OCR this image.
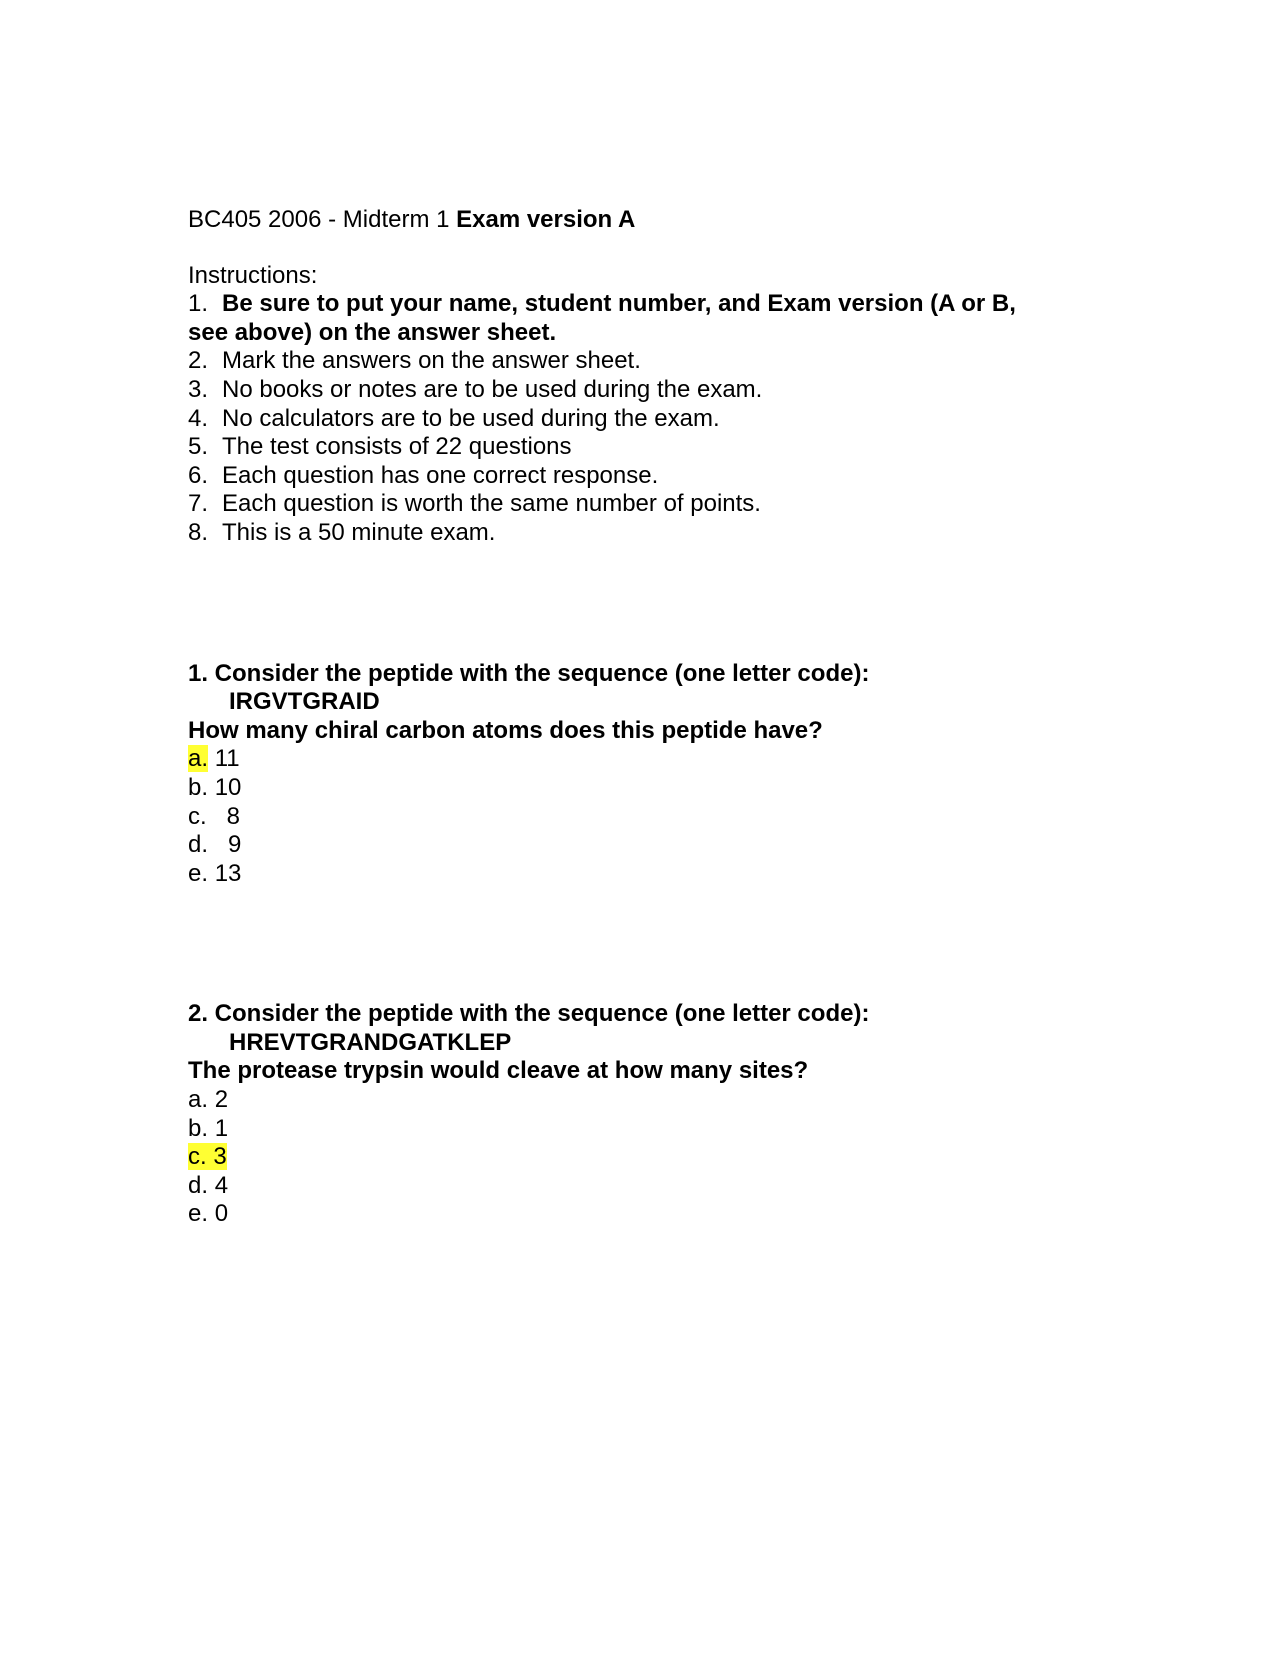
BC405 2006 - Midterm 1 Exam version A
Instructions:
1. Be sure to put your name, student number, and Exam version (A or B,
see above) on the answer sheet.
2. Mark the answers on the answer sheet.
3. No books or notes are to be used during the exam.
4. No calculators are to be used during the exam.
5. The test consists of 22 questions
6. Each question has one correct response.
7. Each question is worth the same number of points.
8. This is a 50 minute exam.
1. Consider the peptide with the sequence (one letter code):
IRGVTGRAID
How many chiral carbon atoms does this peptide have?
a. 11
b. 10
c.   8
d.   9
e. 13
2. Consider the peptide with the sequence (one letter code):
HREVTGRANDGATKLEP
The protease trypsin would cleave at how many sites?
a. 2
b. 1
c. 3
d. 4
e. 0
